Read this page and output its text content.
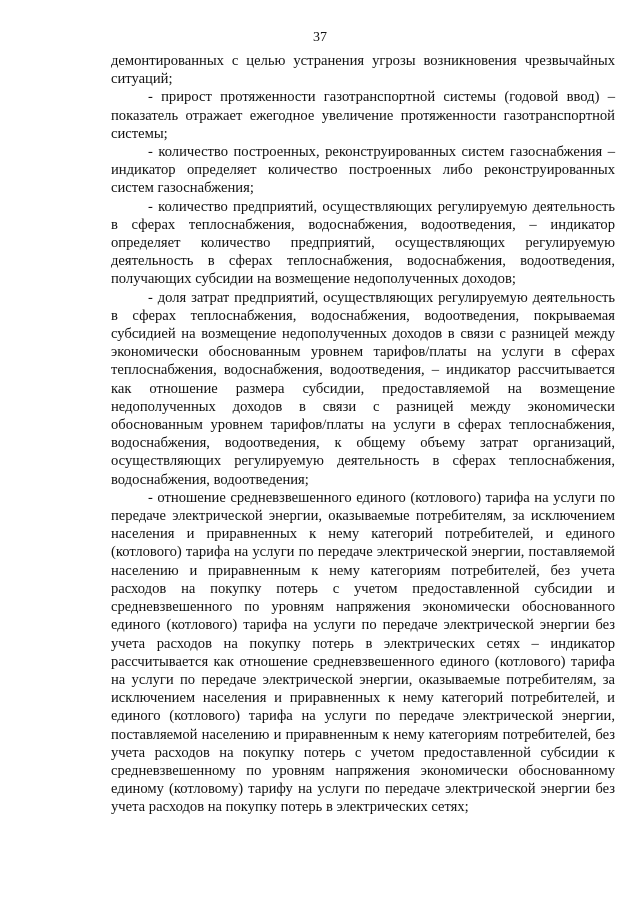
37

демонтированных с целью устранения угрозы возникновения чрезвычайных ситуаций;

- прирост протяженности газотранспортной системы (годовой ввод) – показатель отражает ежегодное увеличение протяженности газотранспортной системы;

- количество построенных, реконструированных систем газоснабжения – индикатор определяет количество построенных либо реконструированных систем газоснабжения;

- количество предприятий, осуществляющих регулируемую деятельность в сферах теплоснабжения, водоснабжения, водоотведения, – индикатор определяет количество предприятий, осуществляющих регулируемую деятельность в сферах теплоснабжения, водоснабжения, водоотведения, получающих субсидии на возмещение недополученных доходов;

- доля затрат предприятий, осуществляющих регулируемую деятельность в сферах теплоснабжения, водоснабжения, водоотведения, покрываемая субсидией на возмещение недополученных доходов в связи с разницей между экономически обоснованным уровнем тарифов/платы на услуги в сферах теплоснабжения, водоснабжения, водоотведения, – индикатор рассчитывается как отношение размера субсидии, предоставляемой на возмещение недополученных доходов в связи с разницей между экономически обоснованным уровнем тарифов/платы на услуги в сферах теплоснабжения, водоснабжения, водоотведения, к общему объему затрат организаций, осуществляющих регулируемую деятельность в сферах теплоснабжения, водоснабжения, водоотведения;

- отношение средневзвешенного единого (котлового) тарифа на услуги по передаче электрической энергии, оказываемые потребителям, за исключением населения и приравненных к нему категорий потребителей, и единого (котлового) тарифа на услуги по передаче электрической энергии, поставляемой населению и приравненным к нему категориям потребителей, без учета расходов на покупку потерь с учетом предоставленной субсидии и средневзвешенного по уровням напряжения экономически обоснованного единого (котлового) тарифа на услуги по передаче электрической энергии без учета расходов на покупку потерь в электрических сетях – индикатор рассчитывается как отношение средневзвешенного единого (котлового) тарифа на услуги по передаче электрической энергии, оказываемые потребителям, за исключением населения и приравненных к нему категорий потребителей, и единого (котлового) тарифа на услуги по передаче электрической энергии, поставляемой населению и приравненным к нему категориям потребителей, без учета расходов на покупку потерь с учетом предоставленной субсидии к средневзвешенному по уровням напряжения экономически обоснованному единому (котловому) тарифу на услуги по передаче электрической энергии без учета расходов на покупку потерь в электрических сетях;
